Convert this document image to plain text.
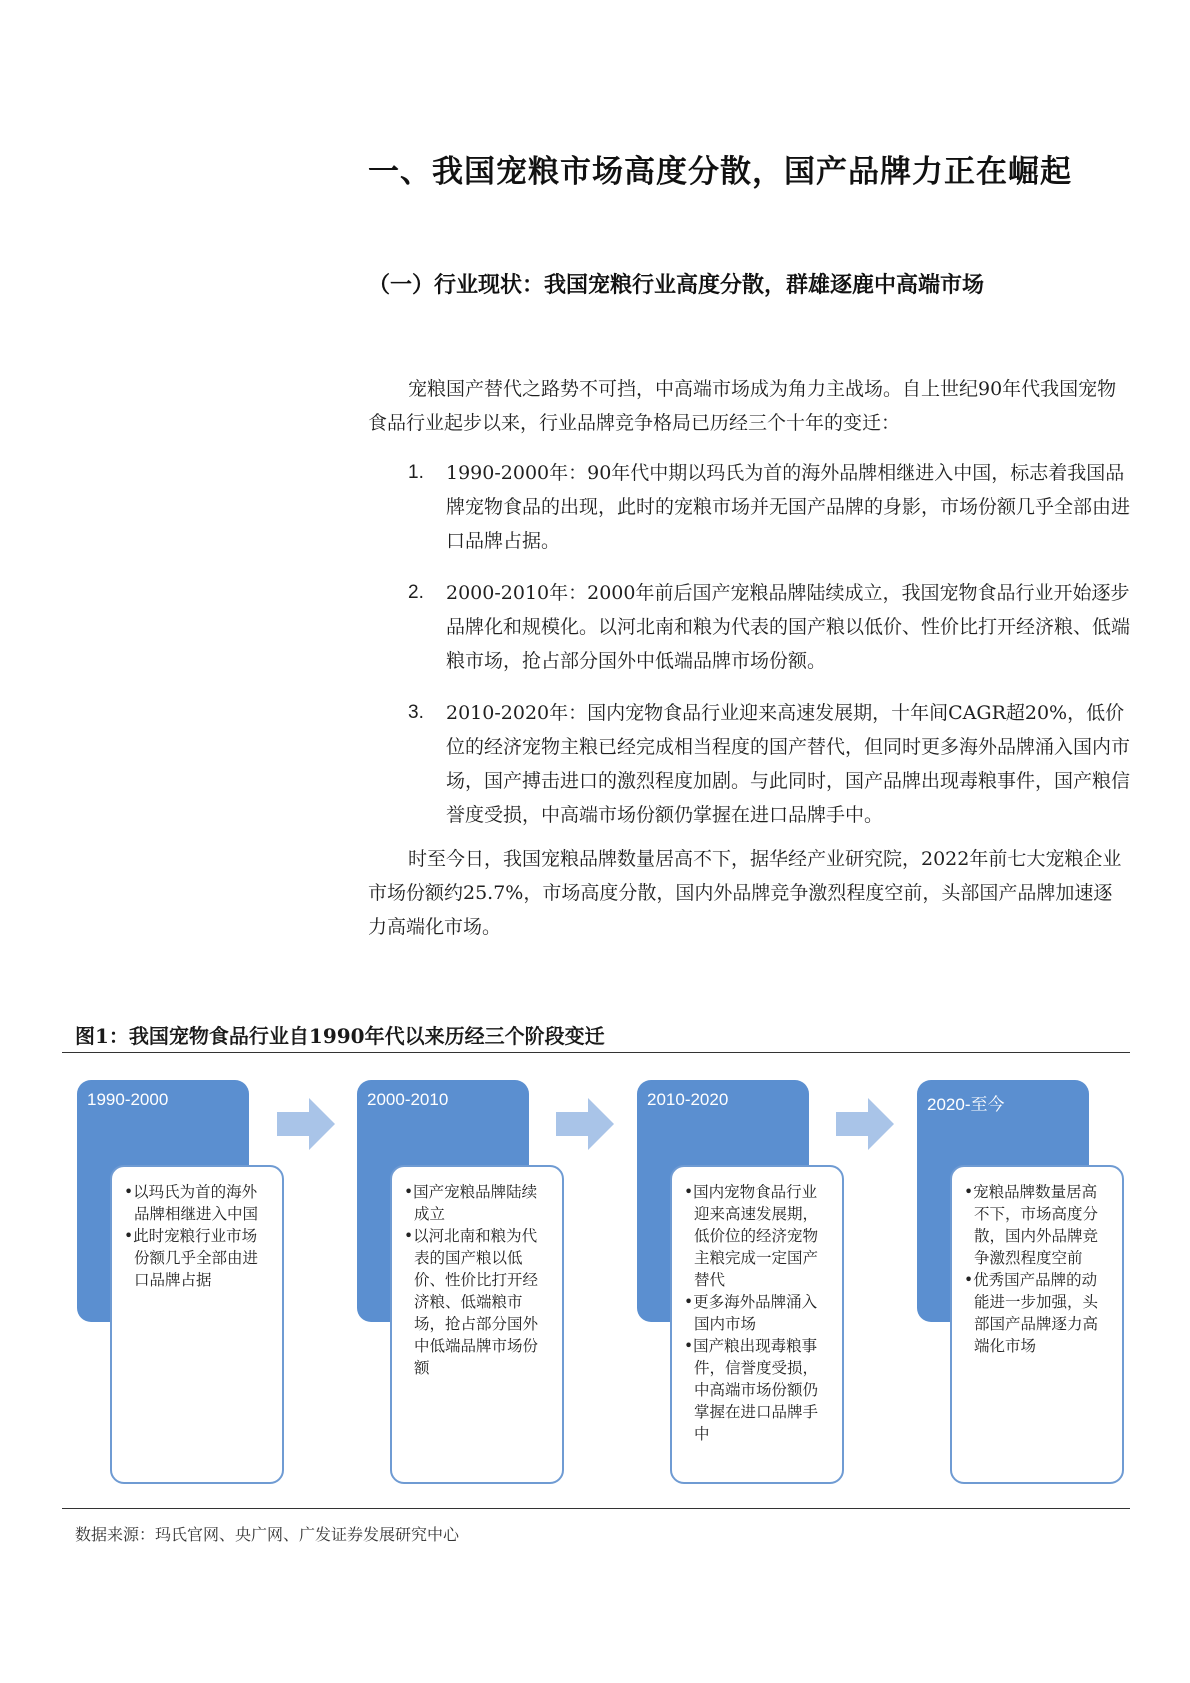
一、我国宠粮市场高度分散，国产品牌力正在崛起
（一）行业现状：我国宠粮行业高度分散，群雄逐鹿中高端市场

宠粮国产替代之路势不可挡，中高端市场成为角力主战场。自上世纪90年代我国宠物食品行业起步以来，行业品牌竞争格局已历经三个十年的变迁：

1. 1990-2000年：90年代中期以玛氏为首的海外品牌相继进入中国，标志着我国品牌宠物食品的出现，此时的宠粮市场并无国产品牌的身影，市场份额几乎全部由进口品牌占据。
2. 2000-2010年：2000年前后国产宠粮品牌陆续成立，我国宠物食品行业开始逐步品牌化和规模化。以河北南和粮为代表的国产粮以低价、性价比打开经济粮、低端粮市场，抢占部分国外中低端品牌市场份额。
3. 2010-2020年：国内宠物食品行业迎来高速发展期，十年间CAGR超20%，低价位的经济宠物主粮已经完成相当程度的国产替代，但同时更多海外品牌涌入国内市场，国产搏击进口的激烈程度加剧。与此同时，国产品牌出现毒粮事件，国产粮信誉度受损，中高端市场份额仍掌握在进口品牌手中。

时至今日，我国宠粮品牌数量居高不下，据华经产业研究院，2022年前七大宠粮企业市场份额约25.7%，市场高度分散，国内外品牌竞争激烈程度空前，头部国产品牌加速逐力高端化市场。

图1：我国宠物食品行业自1990年代以来历经三个阶段变迁

1990-2000

•以玛氏为首的海外品牌相继进入中国

•此时宠粮行业市场份额几乎全部由进口品牌占据

2000-2010

•国产宠粮品牌陆续成立

•以河北南和粮为代表的国产粮以低价、性价比打开经济粮、低端粮市场，抢占部分国外中低端品牌市场份额

2010-2020

•国内宠物食品行业迎来高速发展期，低价位的经济宠物主粮完成一定国产替代

•更多海外品牌涌入国内市场

•国产粮出现毒粮事件，信誉度受损，中高端市场份额仍掌握在进口品牌手中

2020-至今

•宠粮品牌数量居高不下，市场高度分散，国内外品牌竞争激烈程度空前

•优秀国产品牌的动能进一步加强，头部国产品牌逐力高端化市场

数据来源：玛氏官网、央广网、广发证券发展研究中心
